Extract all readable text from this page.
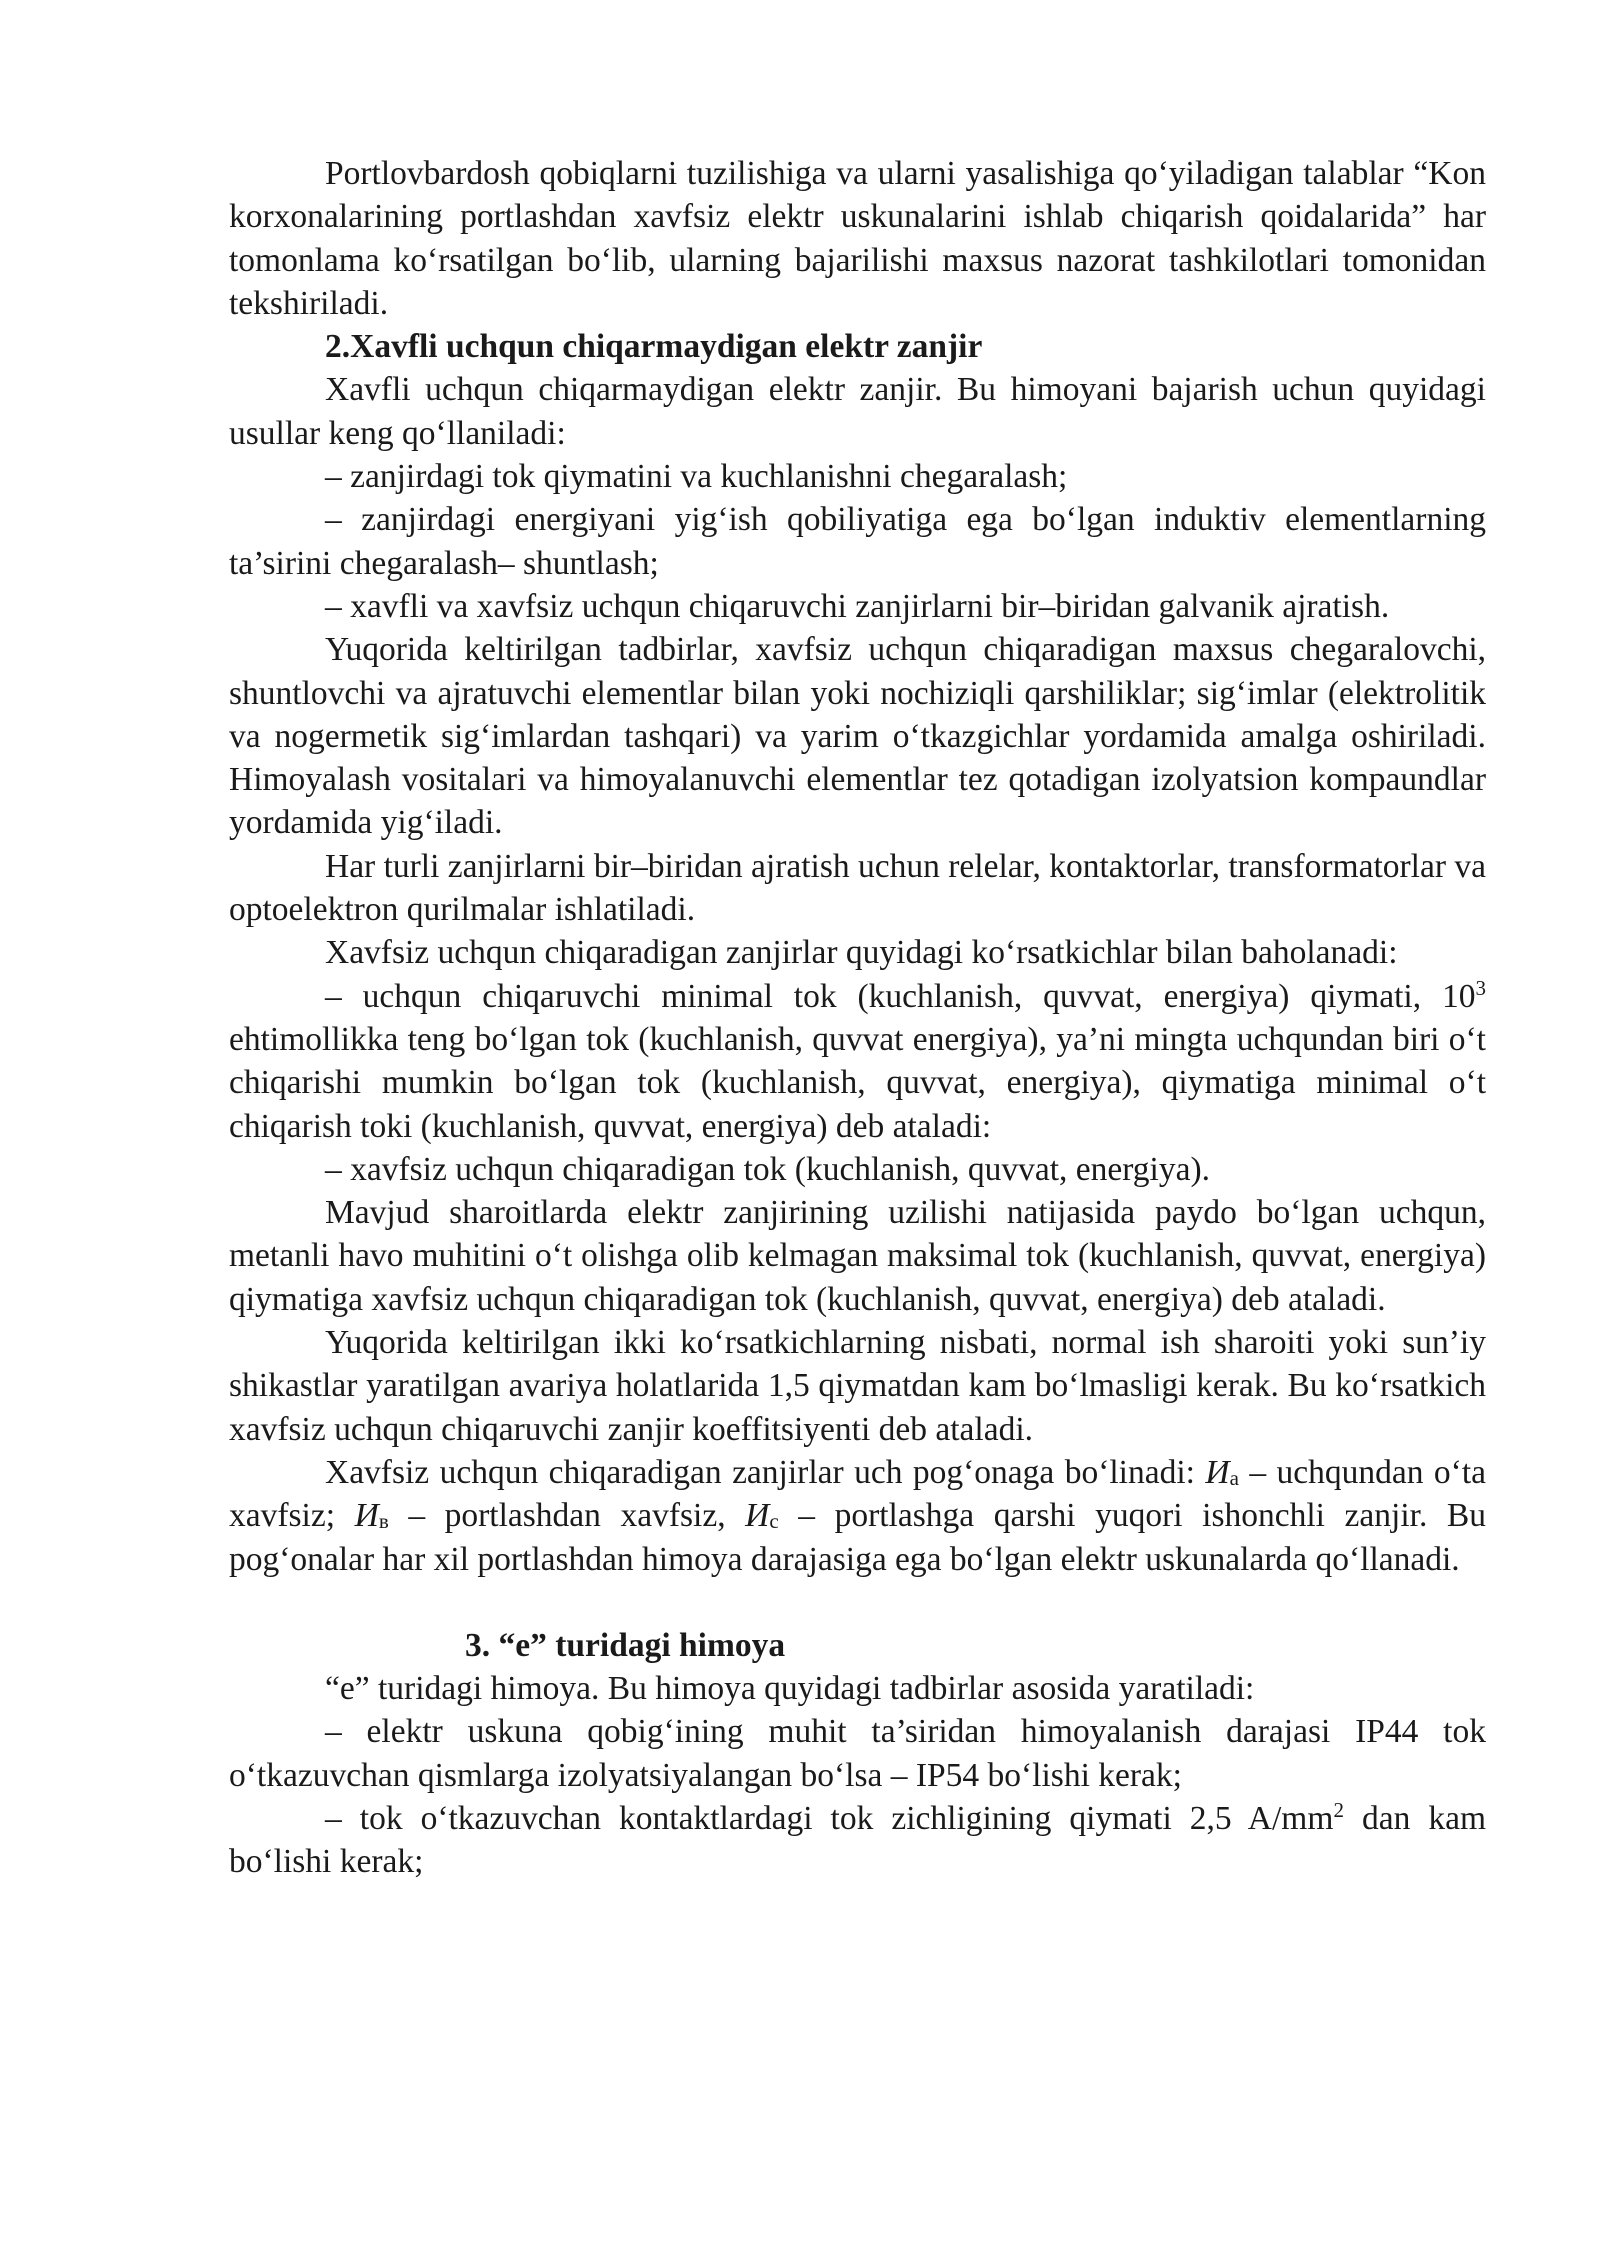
Portlovbardosh qobiqlarni tuzilishiga va ularni yasalishiga qo‘yiladigan talablar “Kon korxonalarining portlashdan xavfsiz elektr uskunalarini ishlab chiqarish qoidalarida” har tomonlama ko‘rsatilgan bo‘lib, ularning bajarilishi maxsus nazorat tashkilotlari tomonidan tekshiriladi.

2.Xavfli uchqun chiqarmaydigan elektr zanjir

Xavfli uchqun chiqarmaydigan elektr zanjir. Bu himoyani bajarish uchun quyidagi usullar keng qo‘llaniladi:

– zanjirdagi tok qiymatini va kuchlanishni chegaralash;

– zanjirdagi energiyani yig‘ish qobiliyatiga ega bo‘lgan induktiv elementlarning ta’sirini chegaralash– shuntlash;

– xavfli va xavfsiz uchqun chiqaruvchi zanjirlarni bir–biridan galvanik ajratish.

Yuqorida keltirilgan tadbirlar, xavfsiz uchqun chiqaradigan maxsus chegaralovchi, shuntlovchi va ajratuvchi elementlar bilan yoki nochiziqli qarshiliklar; sig‘imlar (elektrolitik va nogermetik sig‘imlardan tashqari) va yarim o‘tkazgichlar yordamida amalga oshiriladi. Himoyalash vositalari va himoyalanuvchi elementlar tez qotadigan izolyatsion kompaundlar yordamida yig‘iladi.

Har turli zanjirlarni bir–biridan ajratish uchun relelar, kontaktorlar, transformatorlar va optoelektron qurilmalar ishlatiladi.

Xavfsiz uchqun chiqaradigan zanjirlar quyidagi ko‘rsatkichlar bilan baholanadi:

– uchqun chiqaruvchi minimal tok (kuchlanish, quvvat, energiya) qiymati, $10^3$ ehtimollikka teng bo‘lgan tok (kuchlanish, quvvat energiya), ya’ni mingta uchqundan biri o‘t chiqarishi mumkin bo‘lgan tok (kuchlanish, quvvat, energiya), qiymatiga minimal o‘t chiqarish toki (kuchlanish, quvvat, energiya) deb ataladi:

– xavfsiz uchqun chiqaradigan tok (kuchlanish, quvvat, energiya).

Mavjud sharoitlarda elektr zanjirining uzilishi natijasida paydo bo‘lgan uchqun, metanli havo muhitini o‘t olishga olib kelmagan maksimal tok (kuchlanish, quvvat, energiya) qiymatiga xavfsiz uchqun chiqaradigan tok (kuchlanish, quvvat, energiya) deb ataladi.

Yuqorida keltirilgan ikki ko‘rsatkichlarning nisbati, normal ish sharoiti yoki sun’iy shikastlar yaratilgan avariya holatlarida 1,5 qiymatdan kam bo‘lmasligi kerak. Bu ko‘rsatkich xavfsiz uchqun chiqaruvchi zanjir koeffitsiyenti deb ataladi.

Xavfsiz uchqun chiqaradigan zanjirlar uch pog‘onaga bo‘linadi: $И_a$ – uchqundan o‘ta xavfsiz; $И_в$ – portlashdan xavfsiz, $И_c$ – portlashga qarshi yuqori ishonchli zanjir. Bu pog‘onalar har xil portlashdan himoya darajasiga ega bo‘lgan elektr uskunalarda qo‘llanadi.

3. “e” turidagi himoya

“e” turidagi himoya. Bu himoya quyidagi tadbirlar asosida yaratiladi:

– elektr uskuna qobig‘ining muhit ta’siridan himoyalanish darajasi IP44 tok o‘tkazuvchan qismlarga izolyatsiyalangan bo‘lsa – IP54 bo‘lishi kerak;

– tok o‘tkazuvchan kontaktlardagi tok zichligining qiymati 2,5 $A/mm^2$ dan kam bo‘lishi kerak;
